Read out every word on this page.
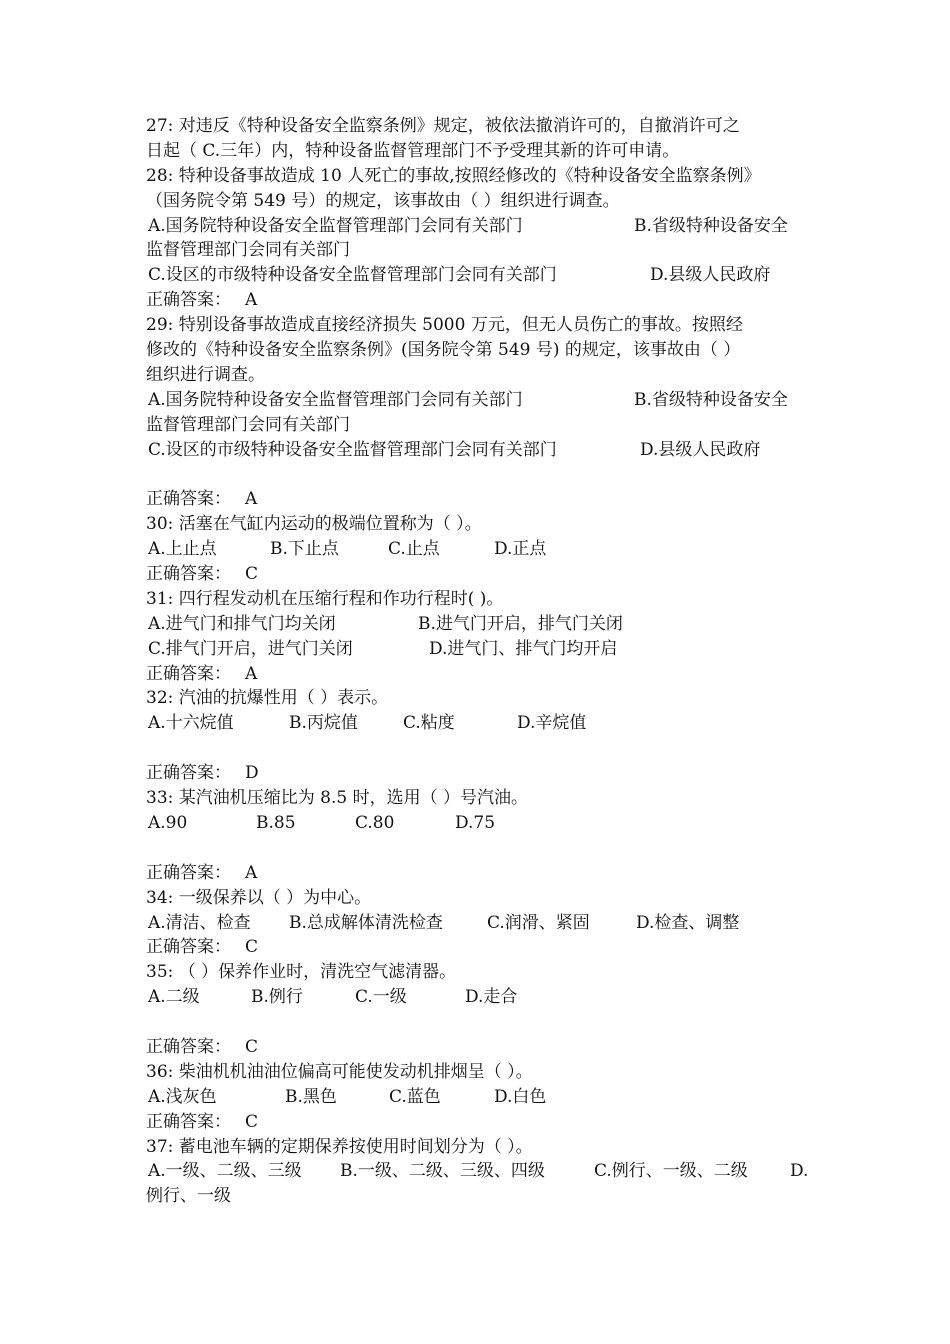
27: 对违反《特种设备安全监察条例》规定，被依法撤消许可的，自撤消许可之
日起（ C.三年）内，特种设备监督管理部门不予受理其新的许可申请。
28: 特种设备事故造成 10 人死亡的事故,按照经修改的《特种设备安全监察条例》
（国务院令第 549 号）的规定，该事故由（ ）组织进行调查。
A.国务院特种设备安全监督管理部门会同有关部门	B.省级特种设备安全
监督管理部门会同有关部门
C.设区的市级特种设备安全监督管理部门会同有关部门	D.县级人民政府
正确答案： A
29: 特别设备事故造成直接经济损失 5000 万元，但无人员伤亡的事故。按照经
修改的《特种设备安全监察条例》(国务院令第 549 号) 的规定，该事故由（ ）
组织进行调查。
A.国务院特种设备安全监督管理部门会同有关部门	B.省级特种设备安全
监督管理部门会同有关部门
C.设区的市级特种设备安全监督管理部门会同有关部门	D.县级人民政府
正确答案： A
30: 活塞在气缸内运动的极端位置称为（ ）。
A.上止点	B.下止点	C.止点	D.正点
正确答案： C
31: 四行程发动机在压缩行程和作功行程时( )。
A.进气门和排气门均关闭	B.进气门开启，排气门关闭
C.排气门开启，进气门关闭	D.进气门、排气门均开启
正确答案： A
32: 汽油的抗爆性用（ ）表示。
A.十六烷值	B.丙烷值	C.粘度	D.辛烷值
正确答案： D
33: 某汽油机压缩比为 8.5 时，选用（ ）号汽油。
A.90	B.85	C.80	D.75
正确答案： A
34: 一级保养以（ ）为中心。
A.清洁、检查	B.总成解体清洗检查	C.润滑、紧固	D.检查、调整
正确答案： C
35: （ ）保养作业时，清洗空气滤清器。
A.二级	B.例行	C.一级	D.走合
正确答案： C
36: 柴油机机油油位偏高可能使发动机排烟呈（ ）。
A.浅灰色	B.黑色	C.蓝色	D.白色
正确答案： C
37: 蓄电池车辆的定期保养按使用时间划分为（ ）。
A.一级、二级、三级	B.一级、二级、三级、四级	C.例行、一级、二级	D.
例行、一级
